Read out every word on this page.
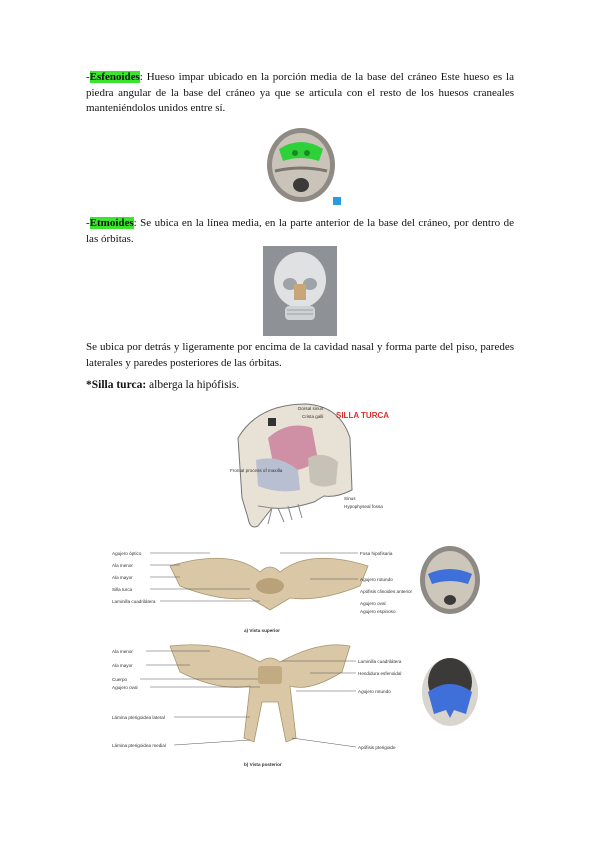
-Esfenoides: Hueso impar ubicado en la porción media de la base del cráneo Este hueso es la piedra angular de la base del cráneo ya que se articula con el resto de los huesos craneales manteniéndolos unidos entre sí.

-Etmoides: Se ubica en la línea media, en la parte anterior de la base del cráneo, por dentro de las órbitas.

Se ubica por detrás y ligeramente por encima de la cavidad nasal y forma parte del piso, paredes laterales y paredes posteriores de las órbitas.

*Silla turca: alberga la hipófisis.

SILLA TURCA
Dorsal sinus
Crista galli
Sinus
Hypophyseal fossa
Frontal process of maxilla
Agujero óptico
Ala menor
Ala mayor
Silla turca
Laminilla cuadrilátera
Fosa hipofisaria
Agujero rotundo
Apófisis clinoides anterior
Agujero oval
Agujero espinoso
a) Vista superior
Ala menor
Ala mayor
Cuerpo
Agujero oval
Lámina pterigoidea lateral
Lámina pterigoidea medial
Laminilla cuadrilátera
Hendidura esfenoidal
Agujero rotundo
Apófisis pterigoide
b) Vista posterior
